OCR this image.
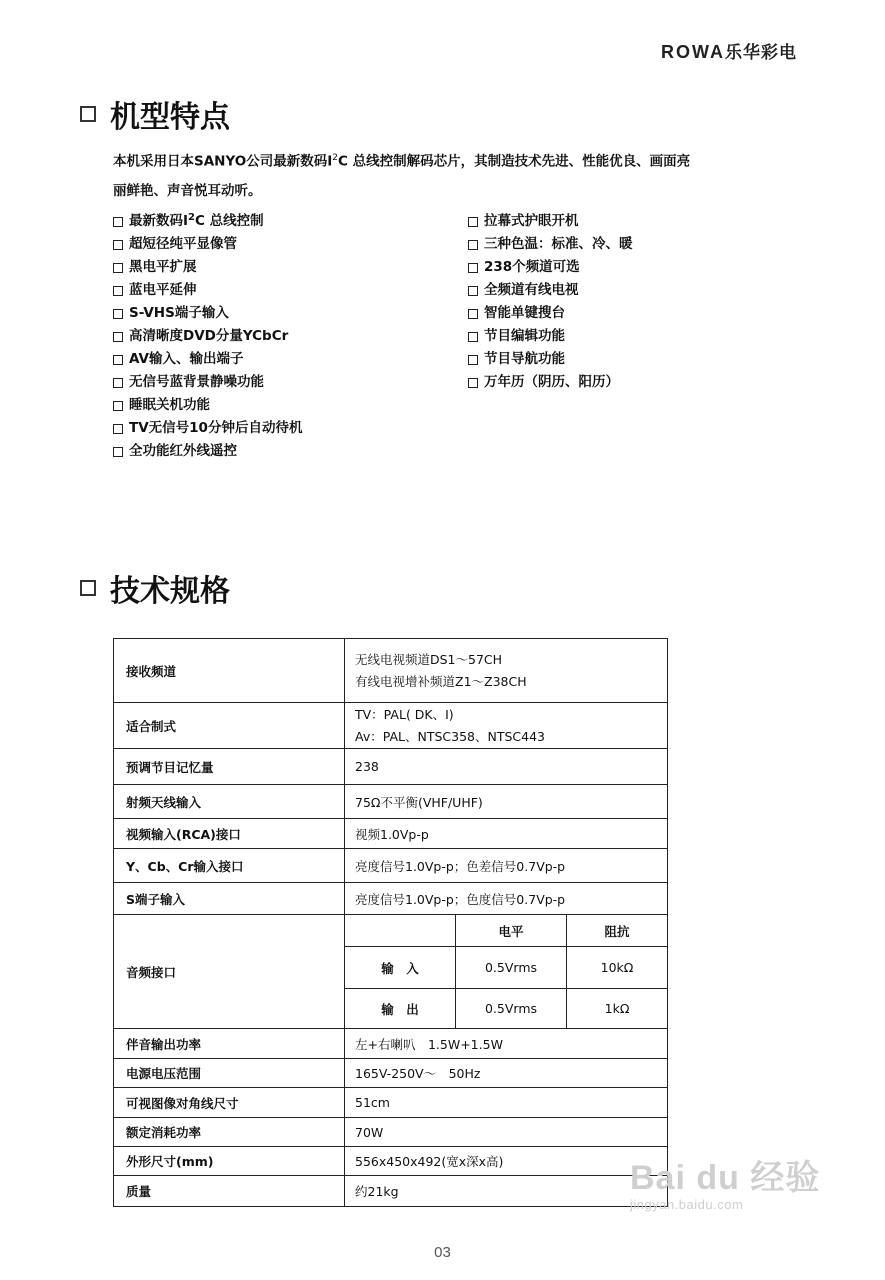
ROWA乐华彩电
机型特点
本机采用日本SANYO公司最新数码$I^2C$ 总线控制解码芯片，其制造技术先进、性能优良、画面亮
丽鲜艳、声音悦耳动听。
最新数码$I^2$ C 总线控制
超短径纯平显像管
黑电平扩展
蓝电平延伸
S-VHS端子输入
高清晰度DVD分量YCbCr
AV输入、输出端子
无信号蓝背景静噪功能
睡眠关机功能
TV无信号10分钟后自动待机
全功能红外线遥控
拉幕式护眼开机
三种色温：标准、冷、暖
238个频道可选
全频道有线电视
智能单键搜台
节目编辑功能
节目导航功能
万年历（阴历、阳历）
技术规格
接收频道	无线电视频道DS1～57CH
有线电视增补频道Z1～Z38CH		
适合制式	TV：PAL( DK、I)
Av：PAL、NTSC358、NTSC443		
预调节目记忆量	238		
射频天线输入	75Ω不平衡(VHF/UHF)		
视频输入(RCA)接口	视频1.0Vp-p		
Y、Cb、Cr输入接口	亮度信号1.0Vp-p；色差信号0.7Vp-p		
S端子输入	亮度信号1.0Vp-p；色度信号0.7Vp-p		
音频接口		电平	阻抗
	输　入	0.5Vrms	10kΩ
	输　出	0.5Vrms	1kΩ
伴音输出功率	左+右喇叭　1.5W+1.5W		
电源电压范围	165V-250V～　50Hz		
可视图像对角线尺寸	51cm		
额定消耗功率	70W		
外形尺寸(mm)	556x450x492(宽x深x高)		
质量	约21kg			Bai du 经验
jingyan.baidu.com
03
